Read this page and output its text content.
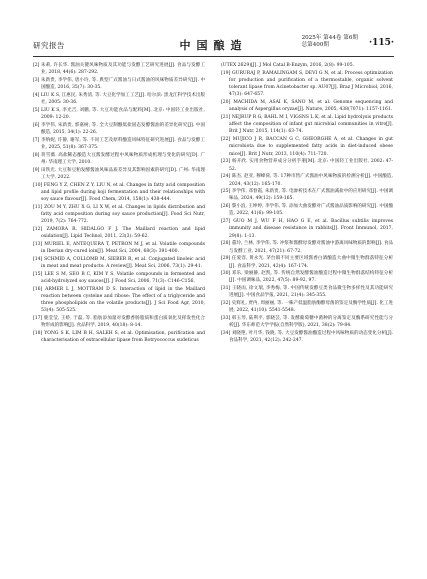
研究报告	中国酿造
2025年 第44卷 第6期
总第400期	·115·

[2] 朱莉, 许长华. 酱油关键风味物质及其功能与发酵工艺研究进展[J]. 食品与发酵工业, 2018, 44(6): 287-292.

[3] 朱新贵, 李学伟, 唐小玲, 等. 典型广式酱油与日式酱油的风味物质差异研究[J]. 中国酿造, 2016, 35(7): 30-35.

[4] LIU K S, 江惠民, 朱秀清, 等. 大豆化学加工工艺[J]. 哈尔滨: 黑龙江科学技术出版社, 2005: 30-36.

[5] LIU K S, 李光吉, 刘鹏, 等. 大豆功能食品与配料[M]. 北京: 中国轻工业出版社, 2009: 12-20.

[6] 李学伟, 朱新贵, 郭嘉树, 等. 全大豆制酿低盐固态发酵酱油的差异化研究[J]. 中国酿造, 2015, 34(1): 22-26.

[7] 李纳妮, 许静, 谢军, 等. 不同工艺及原料酿造风味特征研究进展[J]. 食品与发酵工业, 2025, 51(8): 367-375.

[8] 蒋雪薇. 高盐稀态酿造大豆酱发酵过程中风味物质形成机理与变化的研究[D]. 广州: 华南理工大学, 2010.

[9] 田铁光. 大豆和豆粕发酵酱油风味品质差异及其影响因素的研究[D]. 广州: 华南理工大学, 2022.

[10] FENG Y Z, CHEN Z Y, LIU N, et al. Changes in fatty acid composition and lipid profile during koji fermentation and their relationships with soy sauce flavour[J]. Food Chem, 2014, 158(1): 438-444.

[11] ZOU M Y, ZHU X G, LI X W, et al. Changes in lipids distribution and fatty acid composition during soy sauce production[J]. Food Sci Nutr, 2019, 7(2): 764-772.

[12] ZAMORA R, HIDALGO F J. The Maillard reaction and lipid oxidation[J]. Lipid Technol, 2011, 23(3): 59-62.

[13] MURIEL E, ANTEQUERA T, PETRON M J, et al. Volatile compounds in Iberian dry-cured loin[J]. Meat Sci, 2004, 68(3): 391-400.

[14] SCHMID A, COLLOMB M, SIEBER R, et al. Conjugated linoleic acid in meat and meat products: A review[J]. Meat Sci, 2006, 73(1): 29-41.

[15] LEE S M, SEO B C, KIM Y S. Volatile compounds in fermented and acid-hydrolyzed soy sauces[J]. J Food Sci, 2006, 71(3): C146-C156.

[16] ARMER L J, MOTTRAM D S. Interaction of lipid in the Maillard reaction between cysteine and ribose: The effect of a triglyceride and three phospholipids on the volatile products[J]. J Sci Food Agr, 2010, 53(4): 505-525.

[17] 鹿莹莹, 王娇, 于磊, 等. 脂肪添加量对发酵香肠脂质和蛋白质氧化及挥发性化合物形成的影响[J]. 食品科学, 2019, 40(18): 8-14.

[18] YONG S K, LIM B H, SALEH S, et al. Optimisation, purification and characterisation of extracellular lipase from Botryococcus sudeticus

(UTEX 2629)[J]. J Mol Catal B-Enzym, 2016, 2(8): 99-105.

[19] GURURAJ P, RAMALINGAM S, DEVI G N, et al. Process optimization for production and purification of a thermostable, organic solvent tolerant lipase from Acinetobacter sp. AU07[J]. Braz J Microbiol, 2016, 47(3): 647-657.

[20] MACHIDA M, ASAI K, SANO M, et al. Genome sequencing and analysis of Aspergillus oryzae[J]. Nature, 2005, 438(7071): 1157-1161.

[21] NEJRUP R G, BAHL M I, VIGSNS L K, et al. Lipid hydrolysis products affect the composition of infant gut microbial communities in vitro[J]. Brit J Nutr, 2015, 114(1): 63-74.

[22] MUJICO J R, BACCAN G C, GHEORGHE A, et al. Changes in gut microbiota due to supplemented fatty acids in diet-induced obese mice[J]. Brit J Nutr, 2013, 110(4): 711-720.

[23] 杨开欣. 实用食物营养成分分析手册[M]. 北京: 中国轻工业出版社, 2002: 47-52.

[24] 陈杰, 赵亚, 穆峰荷, 等. 17种市售广式酱油中风味物质的检测分析[J]. 中国酿造, 2024, 43(12): 165-170.

[25] 李学伟, 邓春霞, 朱新贵, 等. 电渗析技术在广式酱油减盐中的应用研究[J]. 中国调味品, 2024, 49(12): 159-165.

[26] 黎小浪, 王坤婷, 李学伟, 等. 添加大曲发酵对广式酱油品质影响的研究[J]. 中国酿造, 2022, 41(6): 99-105.

[27] GUO M J, WU F H, HAO G E, et al. Bacillus subtilis improves immunity and disease resistance in rabbits[J]. Front Immunol, 2017, 29(8): 1-13.

[28] 董玲, 兰林, 李学伟, 等. 冲浆和酱酵母发酵对酱油中游离风味物质的影响[J]. 食品与发酵工业, 2021, 47(21): 67-72.

[29] 任爱容, 黄永光. 茅台镇不同主要区域酱香白酒酿造大曲中微生物群落特征分析[J]. 食品科学, 2021, 42(4): 167-174.

[30] 邓乐, 梁丽静, 赵凯, 等. 传统自然发酵酱油酿造过程中微生物群落结构特征分析[J]. 中国调味品, 2022, 47(5): 89-92, 97.

[31] 王晓雨, 徐文瑞, 李秀梅, 等. 中国传统发酵豆类食品微生物多样性及其功能研究进展[J]. 中国食品学报, 2021, 21(4): 345-355.

[32] 史辉礼, 贾冉, 周丽丽, 等. 一株产低温脂肪酶酵母菌的鉴定及酶学性质[J]. 化工进展, 2022, 41(10): 5541-5548.

[33] 韩玉琴, 陆利平, 郭晓芸, 等. 发酵葡萄糖中菌种的分离鉴定及酶系研究性能与分析[J]. 华东师范大学学报(自然科学版), 2021, 38(2): 79-84.

[34] 刘晓艳, 叶月华, 钱晓, 等. 大豆发酵酱油酿造过程中风味物质的动态变化分析[J]. 食品科学, 2021, 42(12): 242-247.
